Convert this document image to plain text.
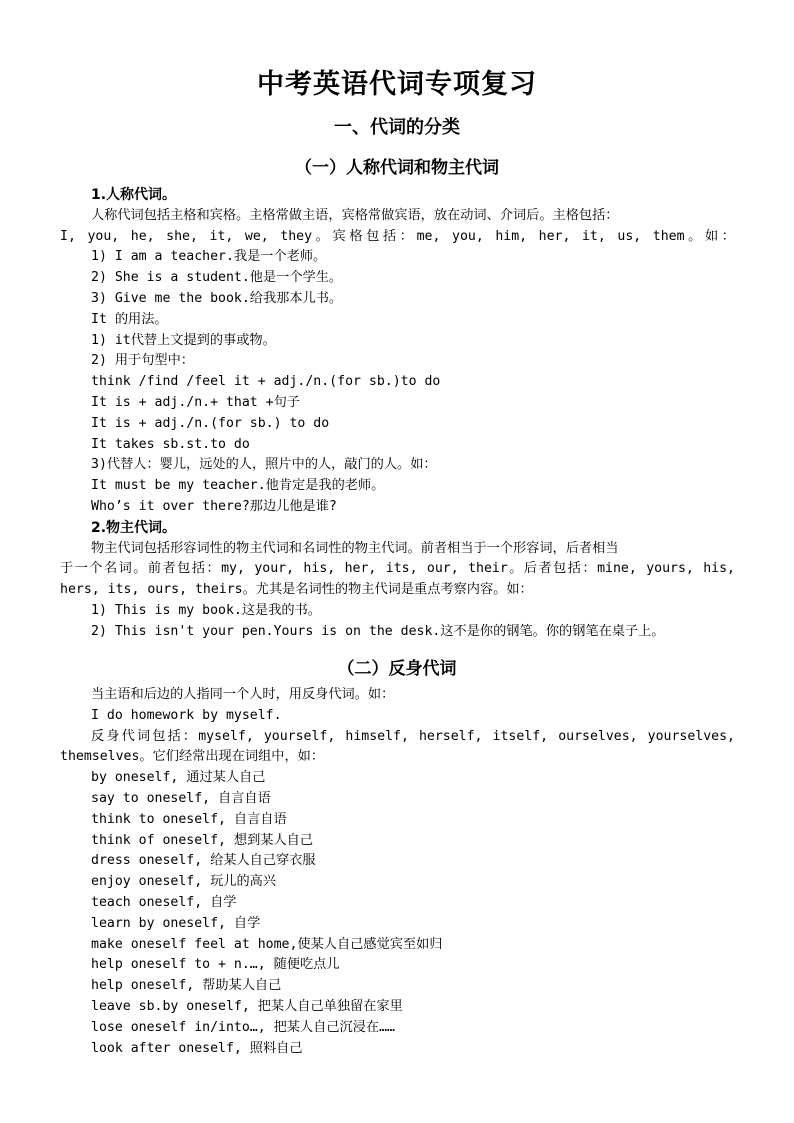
中考英语代词专项复习
一、代词的分类
（一）人称代词和物主代词
1.人称代词。
人称代词包括主格和宾格。主格常做主语，宾格常做宾语，放在动词、介词后。主格包括：
I, you, he, she, it, we, they。宾格包括：me, you, him, her, it, us, them。如：
1) I am a teacher.我是一个老师。
2) She is a student.他是一个学生。
3) Give me the book.给我那本儿书。
It 的用法。
1) it代替上文提到的事或物。
2) 用于句型中：
think /find /feel it + adj./n.(for sb.)to do
It is + adj./n.+ that +句子
It is + adj./n.(for sb.) to do
It takes sb.st.to do
3)代替人：婴儿，远处的人，照片中的人，敲门的人。如：
It must be my teacher.他肯定是我的老师。
Who’s it over there?那边儿他是谁?
2.物主代词。
物主代词包括形容词性的物主代词和名词性的物主代词。前者相当于一个形容词，后者相当
于一个名词。前者包括：my, your, his, her, its, our, their。后者包括：mine, yours, his,
hers, its, ours, theirs。尤其是名词性的物主代词是重点考察内容。如：
1) This is my book.这是我的书。
2) This isn't your pen.Yours is on the desk.这不是你的钢笔。你的钢笔在桌子上。
（二）反身代词
当主语和后边的人指同一个人时，用反身代词。如：
I do homework by myself.
反身代词包括：myself, yourself, himself, herself, itself, ourselves, yourselves,
themselves。它们经常出现在词组中，如：
by oneself, 通过某人自己
say to oneself, 自言自语
think to oneself, 自言自语
think of oneself, 想到某人自己
dress oneself, 给某人自己穿衣服
enjoy oneself, 玩儿的高兴
teach oneself, 自学
learn by oneself, 自学
make oneself feel at home,使某人自己感觉宾至如归
help oneself to + n.…, 随便吃点儿
help oneself, 帮助某人自己
leave sb.by oneself, 把某人自己单独留在家里
lose oneself in/into…, 把某人自己沉浸在……
look after oneself, 照料自己
